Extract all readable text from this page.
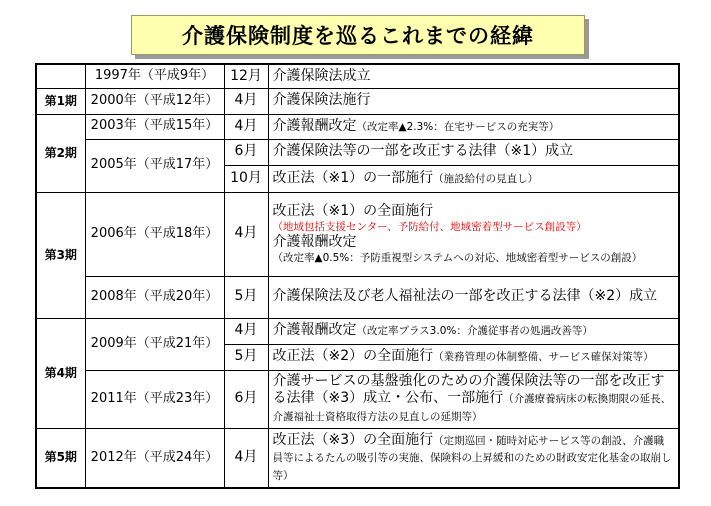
介護保険制度を巡るこれまでの経緯
	1997年（平成9年）	12月	介護保険法成立
第1期	2000年（平成12年）	4月	介護保険法施行
第2期	2003年（平成15年）	4月	介護報酬改定（改定率▲2.3%：在宅サービスの充実等）
	2005年（平成17年）	6月	介護保険法等の一部を改正する法律（※1）成立
		10月	改正法（※1）の一部施行（施設給付の見直し）
第3期	2006年（平成18年）	4月	改正法（※1）の全面施行
（地域包括支援センター、予防給付、地域密着型サービス創設等）
介護報酬改定
（改定率▲0.5%：予防重視型システムへの対応、地域密着型サービスの創設）

	2008年（平成20年）	5月	介護保険法及び老人福祉法の一部を改正する法律（※2）成立
第4期	2009年（平成21年）	4月	介護報酬改定（改定率プラス3.0%：介護従事者の処遇改善等）
		5月	改正法（※2）の全面施行（業務管理の体制整備、サービス確保対策等）
	2011年（平成23年）	6月	介護サービスの基盤強化のための介護保険法等の一部を改正する法律（※3）成立・公布、一部施行（介護療養病床の転換期限の延長、介護福祉士資格取得方法の見直しの延期等）
第5期	2012年（平成24年）	4月	改正法（※3）の全面施行（定期巡回・随時対応サービス等の創設、介護職員等によるたんの吸引等の実施、保険料の上昇緩和のための財政安定化基金の取崩し等）
